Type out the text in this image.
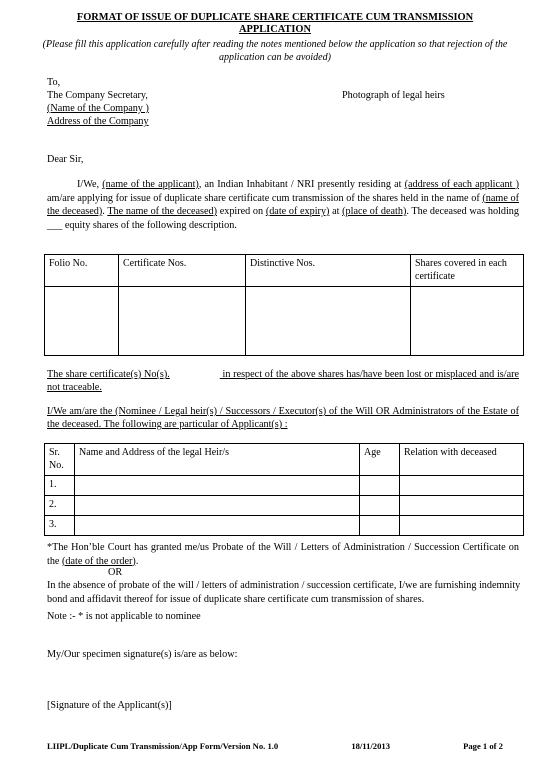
FORMAT OF ISSUE OF DUPLICATE SHARE CERTIFICATE CUM TRANSMISSION
APPLICATION
(Please fill this application carefully after reading the notes mentioned below the application so that rejection of the application can be avoided)
To,
The Company Secretary,
(Name of the Company )
Address of the Company
Photograph of legal heirs
Dear Sir,
I/We, (name of the applicant), an Indian Inhabitant / NRI presently residing at (address of each applicant ) am/are applying for issue of duplicate share certificate cum transmission of the shares held in the name of (name of the deceased). The name of the deceased) expired on (date of expiry) at (place of death). The deceased was holding ___ equity shares of the following description.
Folio No.	Certificate Nos.	Distinctive Nos.	Shares covered in each certificate

The share certificate(s) No(s).	in respect of the above shares has/have been lost or misplaced and is/are not traceable.
I/We am/are the (Nominee / Legal heir(s) / Successors / Executor(s) of the Will OR Administrators of the Estate of the deceased. The following are particular of Applicant(s) :
Sr. No.	Name and Address of the legal Heir/s	Age	Relation with deceased
1.			
2.			
3.			
*The Hon’ble Court has granted me/us Probate of the Will / Letters of Administration / Succession Certificate on the (date of the order).
OR
In the absence of probate of the will / letters of administration / succession certificate, I/we are furnishing indemnity bond and affidavit thereof for issue of duplicate share certificate cum transmission of shares.
Note :- * is not applicable to nominee
My/Our specimen signature(s) is/are as below:
[Signature of the Applicant(s)]
LIIPL/Duplicate Cum Transmission/App Form/Version No. 1.0	18/11/2013	Page 1 of 2
